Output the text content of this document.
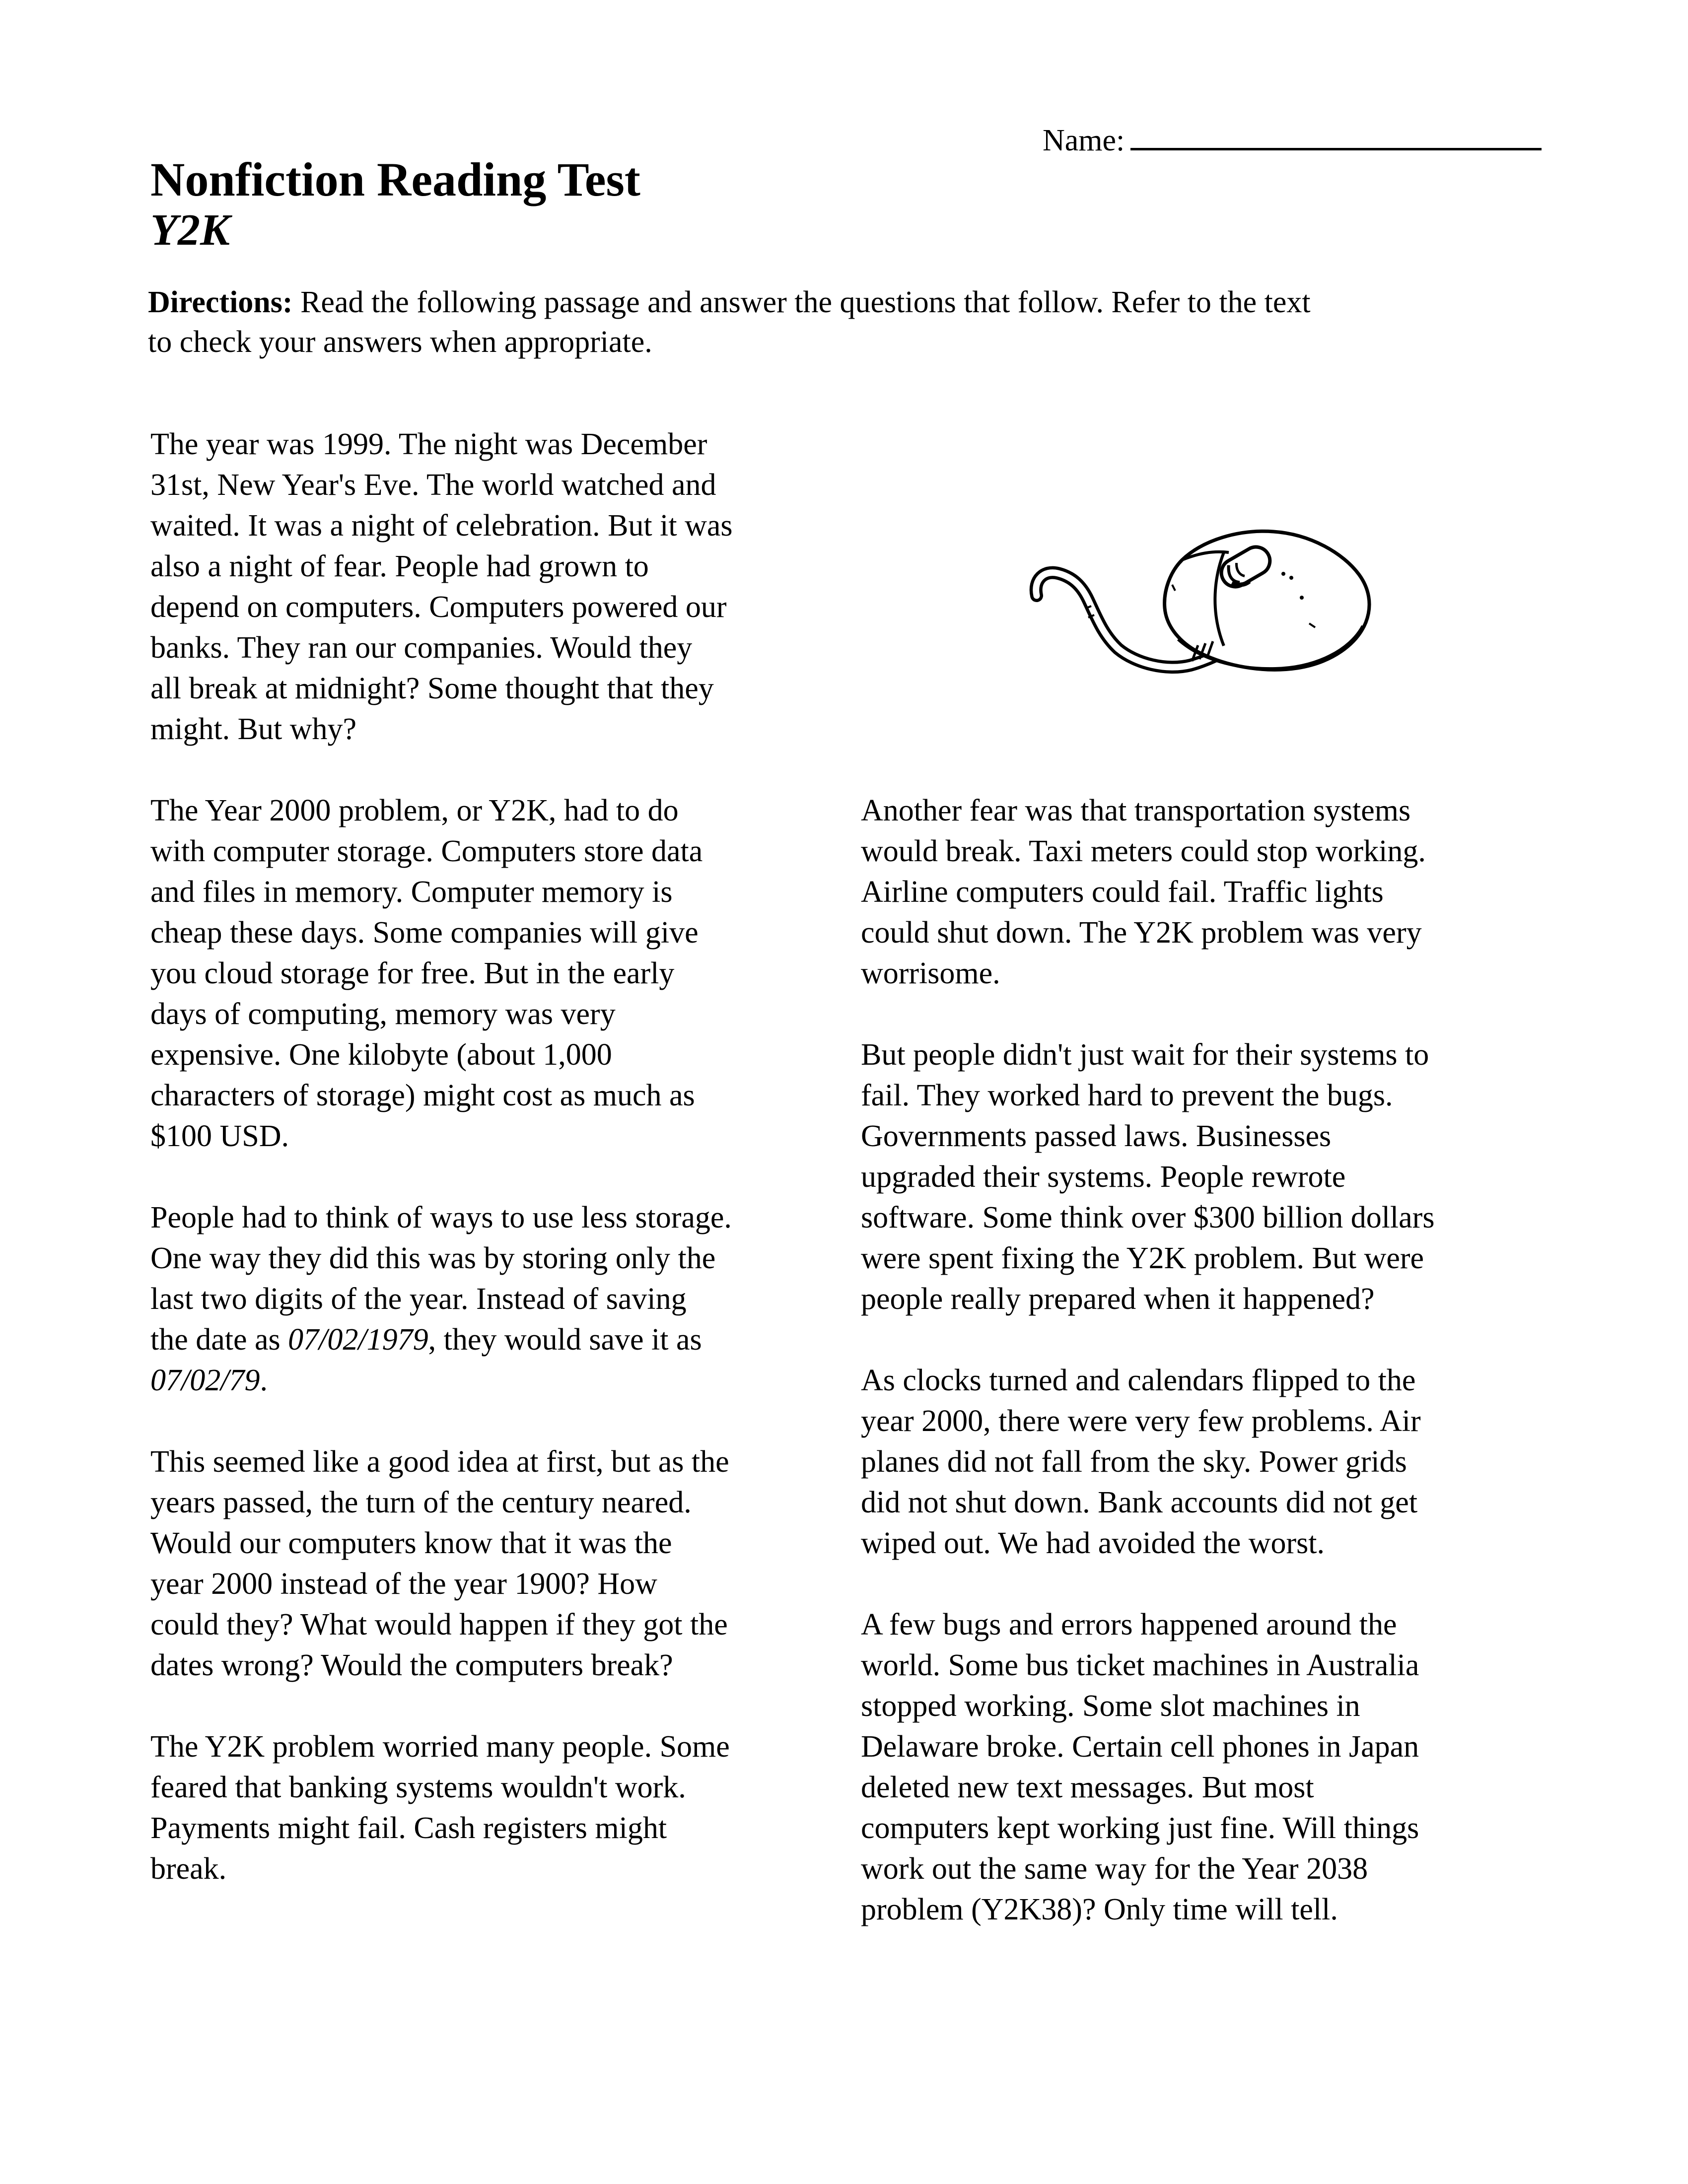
Name:
Nonfiction Reading Test
Y2K
Directions: Read the following passage and answer the questions that follow. Refer to the text
to check your answers when appropriate.
The year was 1999. The night was December
31st, New Year's Eve. The world watched and
waited. It was a night of celebration. But it was
also a night of fear. People had grown to
depend on computers. Computers powered our
banks. They ran our companies. Would they
all break at midnight? Some thought that they
might. But why?
The Year 2000 problem, or Y2K, had to do
with computer storage. Computers store data
and files in memory. Computer memory is
cheap these days. Some companies will give
you cloud storage for free. But in the early
days of computing, memory was very
expensive. One kilobyte (about 1,000
characters of storage) might cost as much as
$100 USD.
People had to think of ways to use less storage.
One way they did this was by storing only the
last two digits of the year. Instead of saving
the date as 07/02/1979, they would save it as
07/02/79.
This seemed like a good idea at first, but as the
years passed, the turn of the century neared.
Would our computers know that it was the
year 2000 instead of the year 1900? How
could they? What would happen if they got the
dates wrong? Would the computers break?
The Y2K problem worried many people. Some
feared that banking systems wouldn't work.
Payments might fail. Cash registers might
break.
Another fear was that transportation systems
would break. Taxi meters could stop working.
Airline computers could fail. Traffic lights
could shut down. The Y2K problem was very
worrisome.
But people didn't just wait for their systems to
fail. They worked hard to prevent the bugs.
Governments passed laws. Businesses
upgraded their systems. People rewrote
software. Some think over $300 billion dollars
were spent fixing the Y2K problem. But were
people really prepared when it happened?
As clocks turned and calendars flipped to the
year 2000, there were very few problems. Air
planes did not fall from the sky. Power grids
did not shut down. Bank accounts did not get
wiped out. We had avoided the worst.
A few bugs and errors happened around the
world. Some bus ticket machines in Australia
stopped working. Some slot machines in
Delaware broke. Certain cell phones in Japan
deleted new text messages. But most
computers kept working just fine. Will things
work out the same way for the Year 2038
problem (Y2K38)? Only time will tell.
